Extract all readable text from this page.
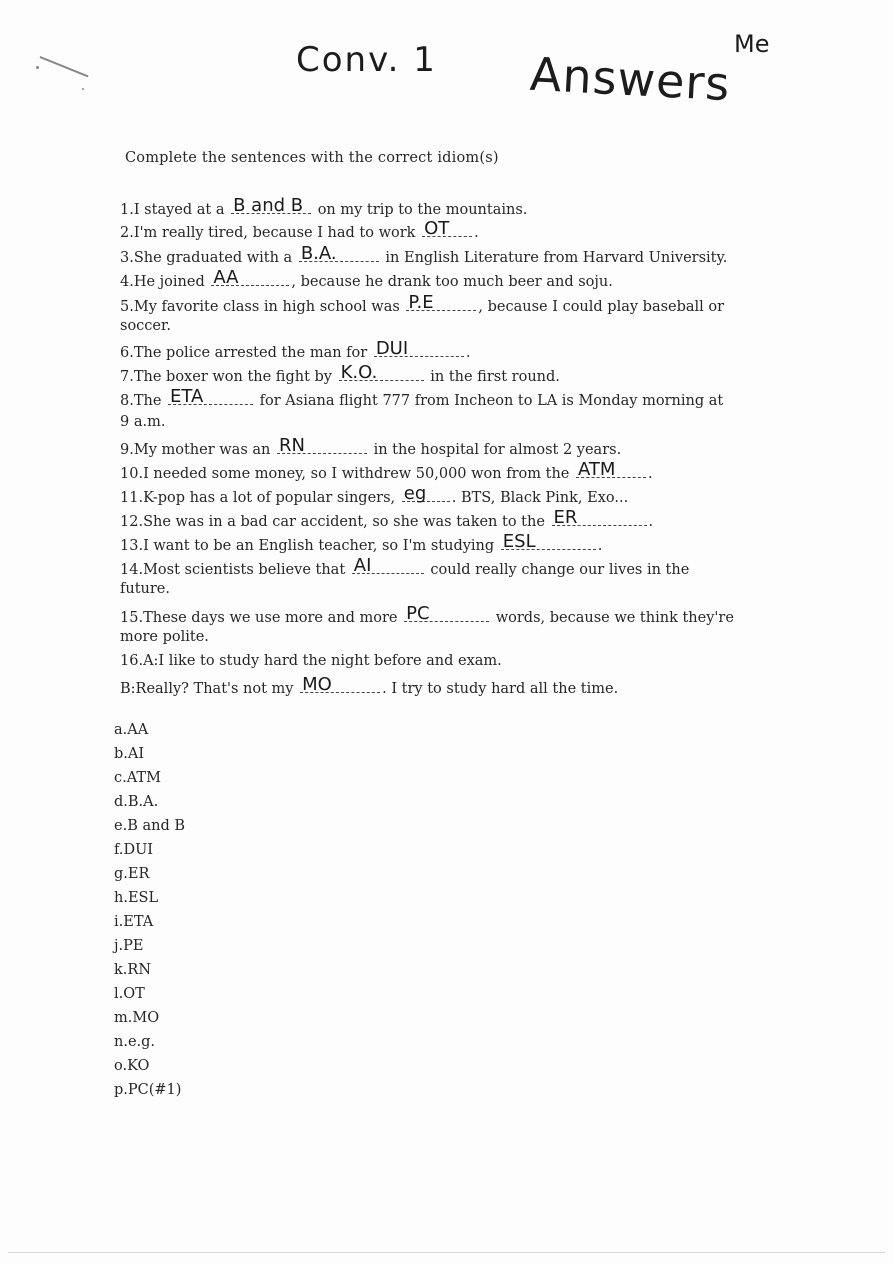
Conv. 1 Answers
Me
Complete the sentences with the correct idiom(s)
1.I stayed at a B and B on my trip to the mountains.
2.I'm really tired, because I had to work OT .
3.She graduated with a B.A.	in English Literature from Harvard University.
4.He joined AA	, because he drank too much beer and soju.
5.My favorite class in high school was P.E	, because I could play baseball or
soccer.
6.The police arrested the man for DUI	.
7.The boxer won the fight by K.O.	in the first round.
8.The ETA	for Asiana flight 777 from Incheon to LA is Monday morning at
9 a.m.
9.My mother was an RN	in the hospital for almost 2 years.
10.I needed some money, so I withdrew 50,000 won from the ATM .
11.K-pop has a lot of popular singers, eg . BTS, Black Pink, Exo...
12.She was in a bad car accident, so she was taken to the ER	.
13.I want to be an English teacher, so I'm studying ESL	.
14.Most scientists believe that AI	could really change our lives in the
future.
15.These days we use more and more PC	words, because we think they're
more polite.
16.A:I like to study hard the night before and exam.
B:Really? That's not my MO	. I try to study hard all the time.
a.AA
b.AI
c.ATM
d.B.A.
e.B and B
f.DUI
g.ER
h.ESL
i.ETA
j.PE
k.RN
l.OT
m.MO
n.e.g.
o.KO
p.PC(#1)
